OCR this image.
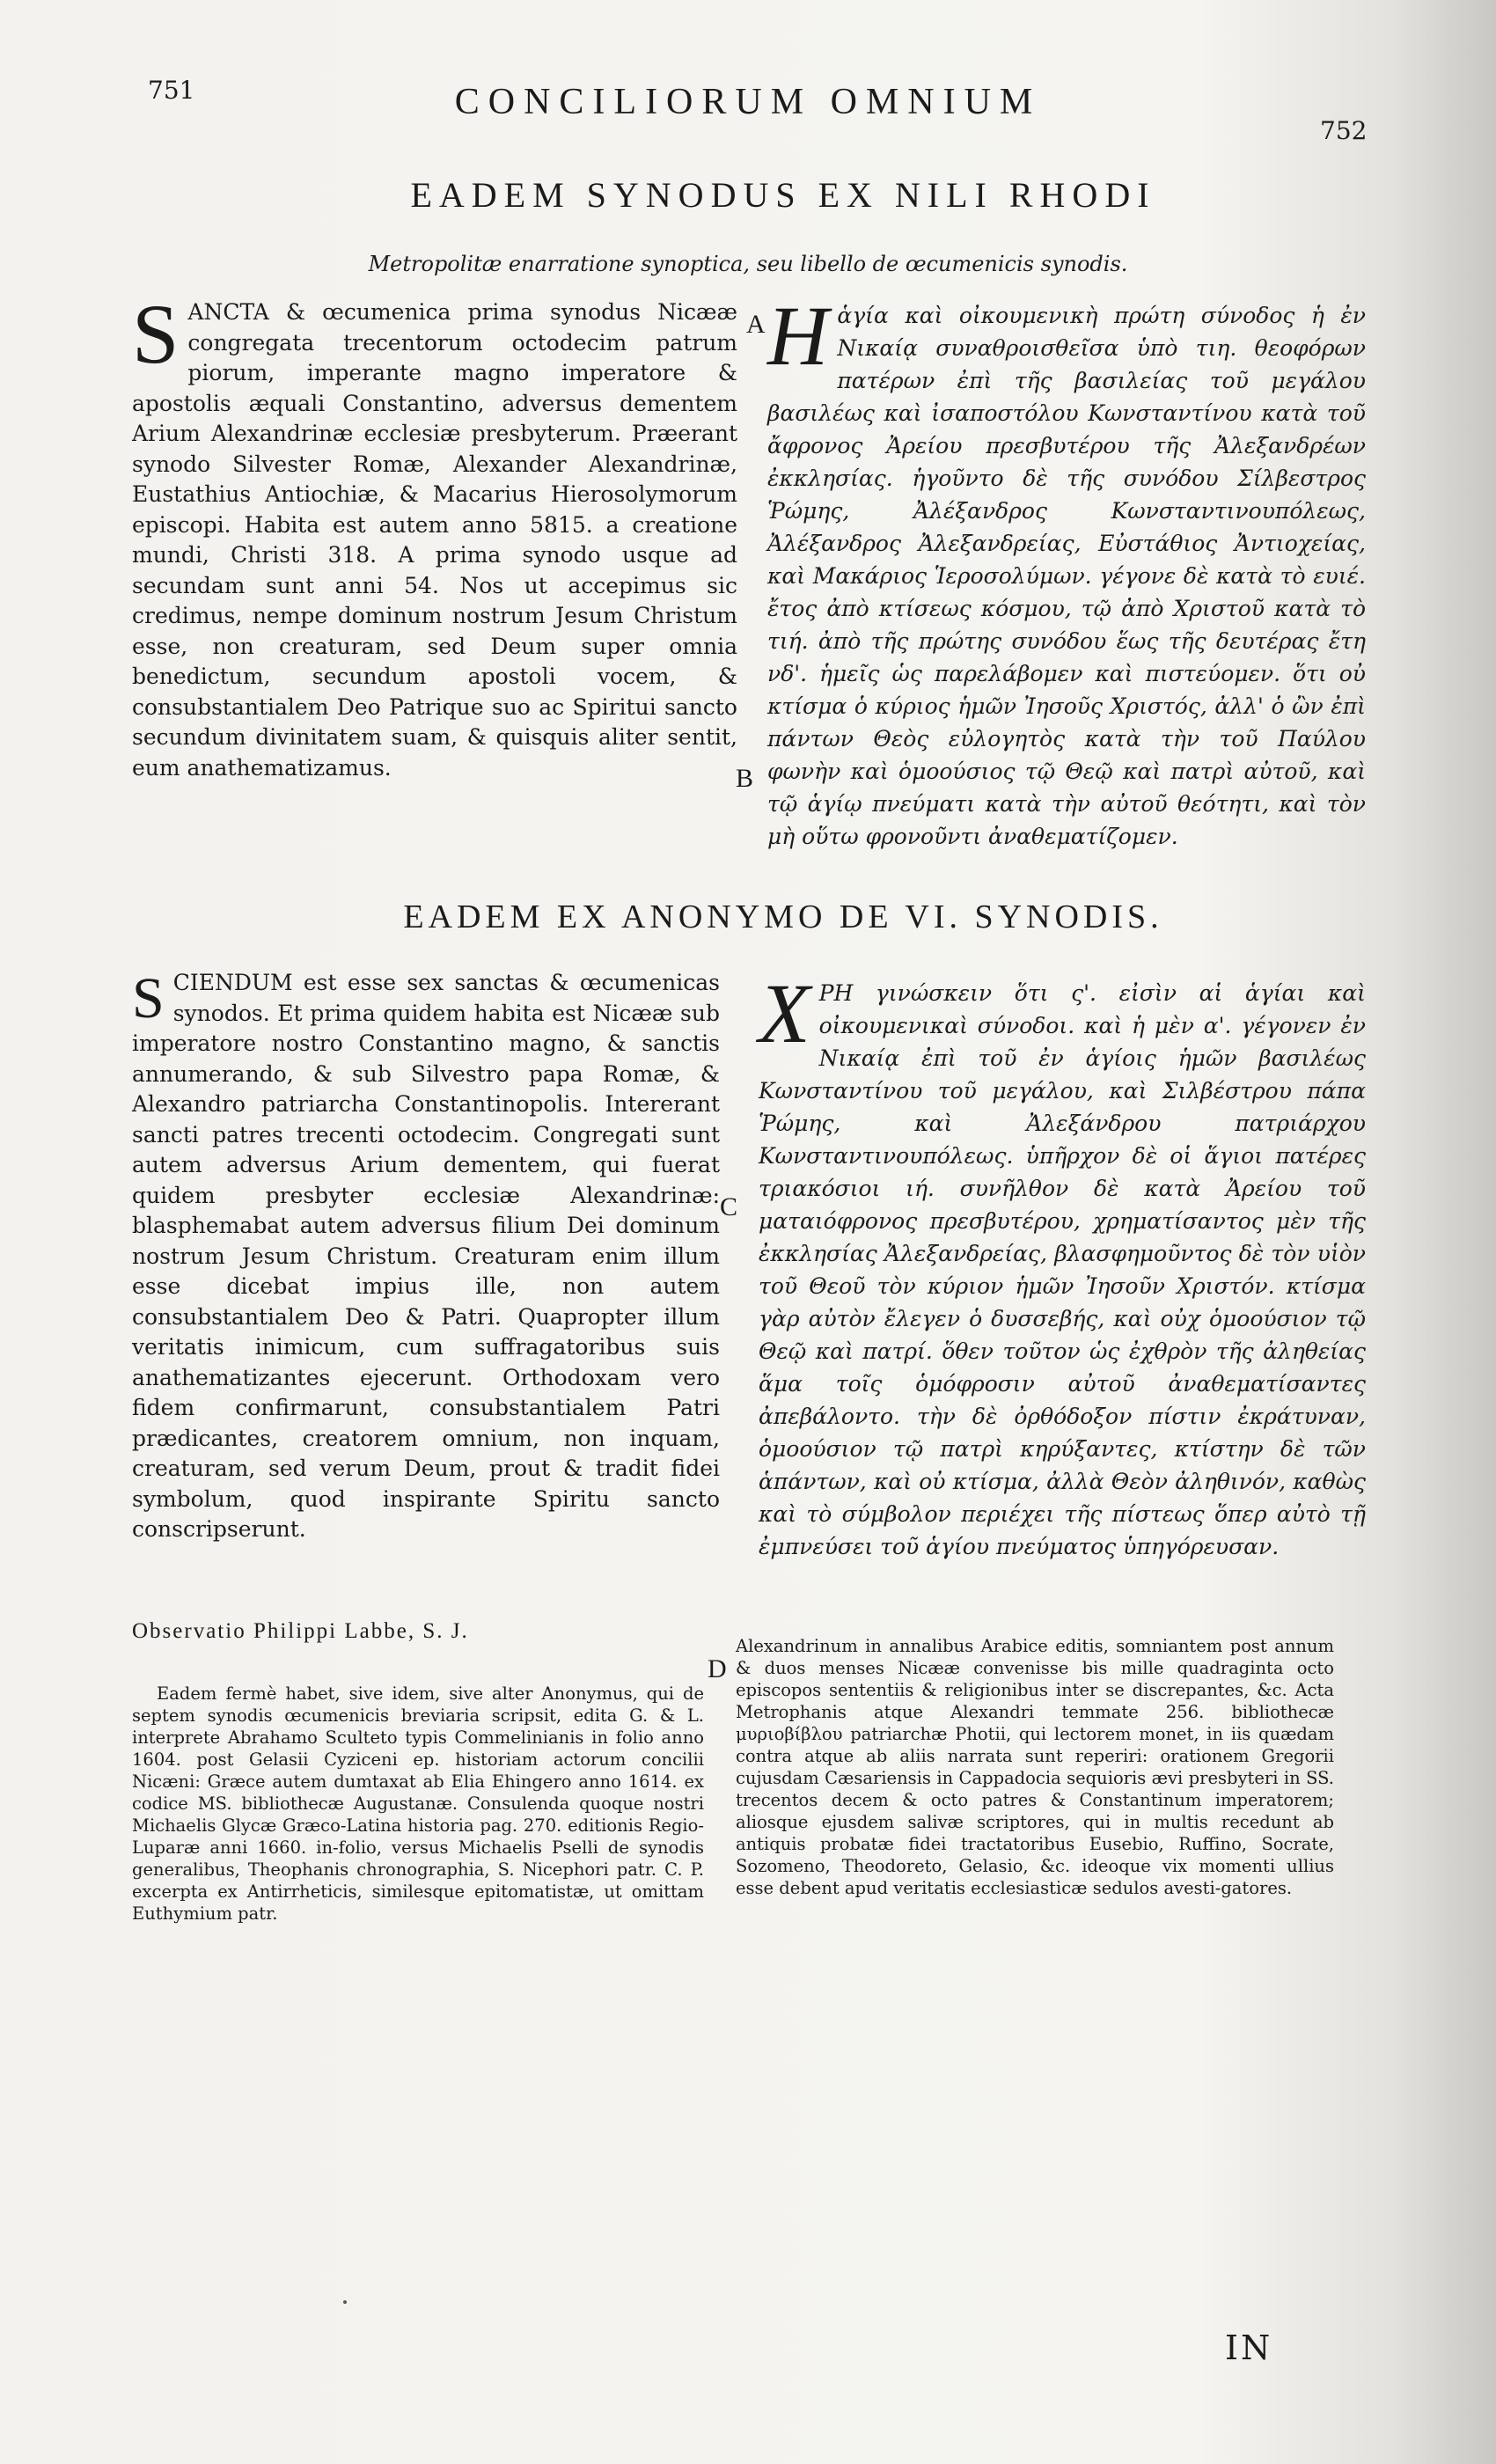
751
752
CONCILIORUM OMNIUM
EADEM SYNODUS EX NILI RHODI
Metropolitæ enarratione synoptica, seu libello de œcumenicis synodis.

SANCTA & œcumenica prima synodus Nicææ congregata trecentorum octodecim patrum piorum, imperante magno imperatore & apostolis æquali Constantino, adversus dementem Arium Alexandrinæ ecclesiæ presbyterum. Præerant synodo Silvester Romæ, Alexander Alexandrinæ, Eustathius Antiochiæ, & Macarius Hierosolymorum episcopi. Habita est autem anno 5815. a creatione mundi, Christi 318. A prima synodo usque ad secundam sunt anni 54. Nos ut accepimus sic credimus, nempe dominum nostrum Jesum Christum esse, non creaturam, sed Deum super omnia benedictum, secundum apostoli vocem, & consubstantialem Deo Patrique suo ac Spiritui sancto secundum divinitatem suam, & quisquis aliter sentit, eum anathematizamus.

A
B

Ηἁγία καὶ οἰκουμενικὴ πρώτη σύνοδος ἡ ἐν Νικαίᾳ συναθροισθεῖσα ὑπὸ τιη. θεοφόρων πατέρων ἐπὶ τῆς βασιλείας τοῦ μεγάλου βασιλέως καὶ ἰσαποστόλου Κωνσταντίνου κατὰ τοῦ ἄφρονος Ἀρείου πρεσβυτέρου τῆς Ἀλεξανδρέων ἐκκλησίας. ἡγοῦντο δὲ τῆς συνόδου Σίλβεστρος Ῥώμης, Ἀλέξανδρος Κωνσταντινουπόλεως, Ἀλέξανδρος Ἀλεξανδρείας, Εὐστάθιος Ἀντιοχείας, καὶ Μακάριος Ἱεροσολύμων. γέγονε δὲ κατὰ τὸ ευιέ. ἔτος ἀπὸ κτίσεως κόσμου, τῷ ἀπὸ Χριστοῦ κατὰ τὸ τιή. ἀπὸ τῆς πρώτης συνόδου ἕως τῆς δευτέρας ἔτη νδ'. ἡμεῖς ὡς παρελάβομεν καὶ πιστεύομεν. ὅτι οὐ κτίσμα ὁ κύριος ἡμῶν Ἰησοῦς Χριστός, ἀλλ' ὁ ὢν ἐπὶ πάντων Θεὸς εὐλογητὸς κατὰ τὴν τοῦ Παύλου φωνὴν καὶ ὁμοούσιος τῷ Θεῷ καὶ πατρὶ αὐτοῦ, καὶ τῷ ἁγίῳ πνεύματι κατὰ τὴν αὐτοῦ θεότητι, καὶ τὸν μὴ οὕτω φρονοῦντι ἀναθεματίζομεν.

EADEM EX ANONYMO DE VI. SYNODIS.

SCIENDUM est esse sex sanctas & œcumenicas synodos. Et prima quidem habita est Nicææ sub imperatore nostro Constantino magno, & sanctis annumerando, & sub Silvestro papa Romæ, & Alexandro patriarcha Constantinopolis. Intererant sancti patres trecenti octodecim. Congregati sunt autem adversus Arium dementem, qui fuerat quidem presbyter ecclesiæ Alexandrinæ: blasphemabat autem adversus filium Dei dominum nostrum Jesum Christum. Creaturam enim illum esse dicebat impius ille, non autem consubstantialem Deo & Patri. Quapropter illum veritatis inimicum, cum suffragatoribus suis anathematizantes ejecerunt. Orthodoxam vero fidem confirmarunt, consubstantialem Patri prædicantes, creatorem omnium, non inquam, creaturam, sed verum Deum, prout & tradit fidei symbolum, quod inspirante Spiritu sancto conscripserunt.

C

ΧΡΗ γινώσκειν ὅτι ς'. εἰσὶν αἱ ἁγίαι καὶ οἰκουμενικαὶ σύνοδοι. καὶ ἡ μὲν α'. γέγονεν ἐν Νικαίᾳ ἐπὶ τοῦ ἐν ἁγίοις ἡμῶν βασιλέως Κωνσταντίνου τοῦ μεγάλου, καὶ Σιλβέστρου πάπα Ῥώμης, καὶ Ἀλεξάνδρου πατριάρχου Κωνσταντινουπόλεως. ὑπῆρχον δὲ οἱ ἅγιοι πατέρες τριακόσιοι ιή. συνῆλθον δὲ κατὰ Ἀρείου τοῦ ματαιόφρονος πρεσβυτέρου, χρηματίσαντος μὲν τῆς ἐκκλησίας Ἀλεξανδρείας, βλασφημοῦντος δὲ τὸν υἱὸν τοῦ Θεοῦ τὸν κύριον ἡμῶν Ἰησοῦν Χριστόν. κτίσμα γὰρ αὐτὸν ἔλεγεν ὁ δυσσεβής, καὶ οὐχ ὁμοούσιον τῷ Θεῷ καὶ πατρί. ὅθεν τοῦτον ὡς ἐχθρὸν τῆς ἀληθείας ἅμα τοῖς ὁμόφροσιν αὐτοῦ ἀναθεματίσαντες ἀπεβάλοντο. τὴν δὲ ὀρθόδοξον πίστιν ἐκράτυναν, ὁμοούσιον τῷ πατρὶ κηρύξαντες, κτίστην δὲ τῶν ἁπάντων, καὶ οὐ κτίσμα, ἀλλὰ Θεὸν ἀληθινόν, καθὼς καὶ τὸ σύμβολον περιέχει τῆς πίστεως ὅπερ αὐτὸ τῇ ἐμπνεύσει τοῦ ἁγίου πνεύματος ὑπηγόρευσαν.

Observatio Philippi Labbe, S. J.

Eadem fermè habet, sive idem, sive alter Anonymus, qui de septem synodis œcumenicis breviaria scripsit, edita G. & L. interprete Abrahamo Sculteto typis Commelinianis in folio anno 1604. post Gelasii Cyziceni ep. historiam actorum concilii Nicæni: Græce autem dumtaxat ab Elia Ehingero anno 1614. ex codice MS. bibliothecæ Augustanæ. Consulenda quoque nostri Michaelis Glycæ Græco-Latina historia pag. 270. editionis Regio-Luparæ anni 1660. in-folio, versus Michaelis Pselli de synodis generalibus, Theophanis chronographia, S. Nicephori patr. C. P. excerpta ex Antirrheticis, similesque epitomatistæ, ut omittam Euthymium patr.

D

Alexandrinum in annalibus Arabice editis, somniantem post annum & duos menses Nicææ convenisse bis mille quadraginta octo episcopos sententiis & religionibus inter se discrepantes, &c. Acta Metrophanis atque Alexandri temmate 256. bibliothecæ μυριοβίβλου patriarchæ Photii, qui lectorem monet, in iis quædam contra atque ab aliis narrata sunt reperiri: orationem Gregorii cujusdam Cæsariensis in Cappadocia sequioris ævi presbyteri in SS. trecentos decem & octo patres & Constantinum imperatorem; aliosque ejusdem salivæ scriptores, qui in multis recedunt ab antiquis probatæ fidei tractatoribus Eusebio, Ruffino, Socrate, Sozomeno, Theodoreto, Gelasio, &c. ideoque vix momenti ullius esse debent apud veritatis ecclesiasticæ sedulos avesti-gatores.

IN
